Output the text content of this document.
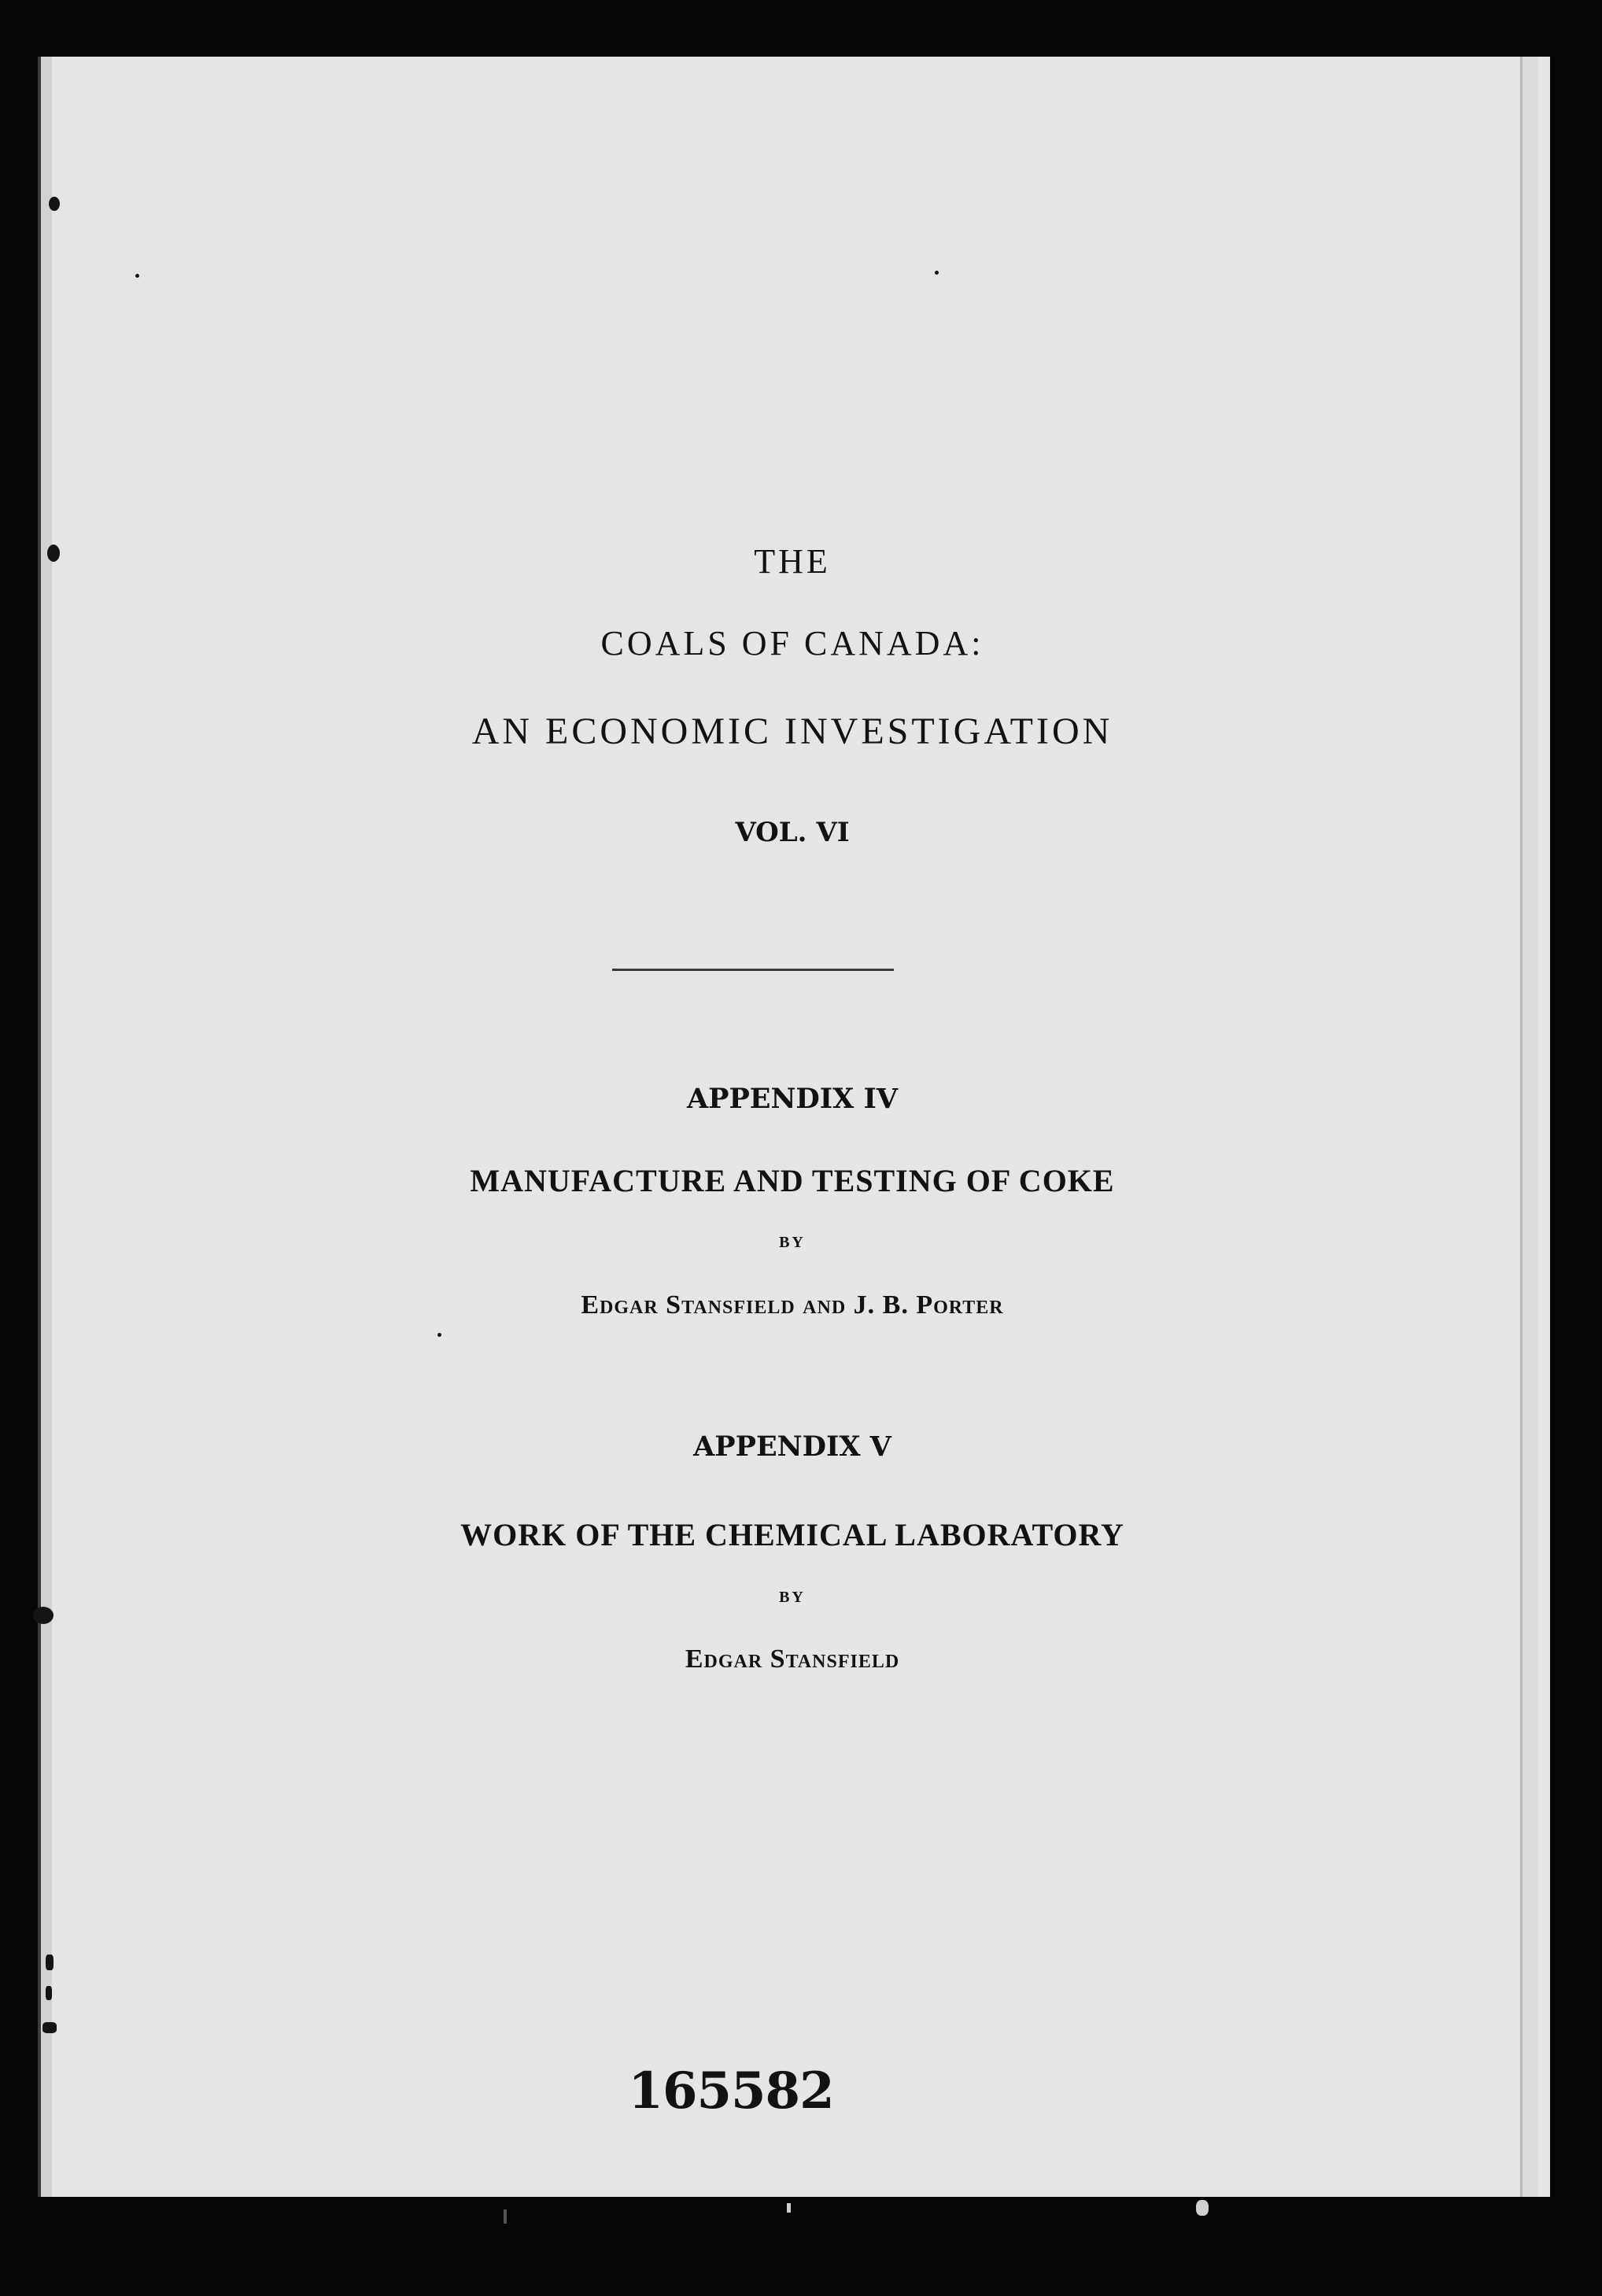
THE
COALS OF CANADA:
AN ECONOMIC INVESTIGATION
VOL. VI
APPENDIX IV
MANUFACTURE AND TESTING OF COKE
BY
Edgar Stansfield and J. B. Porter
APPENDIX V
WORK OF THE CHEMICAL LABORATORY
BY
Edgar Stansfield
165582
